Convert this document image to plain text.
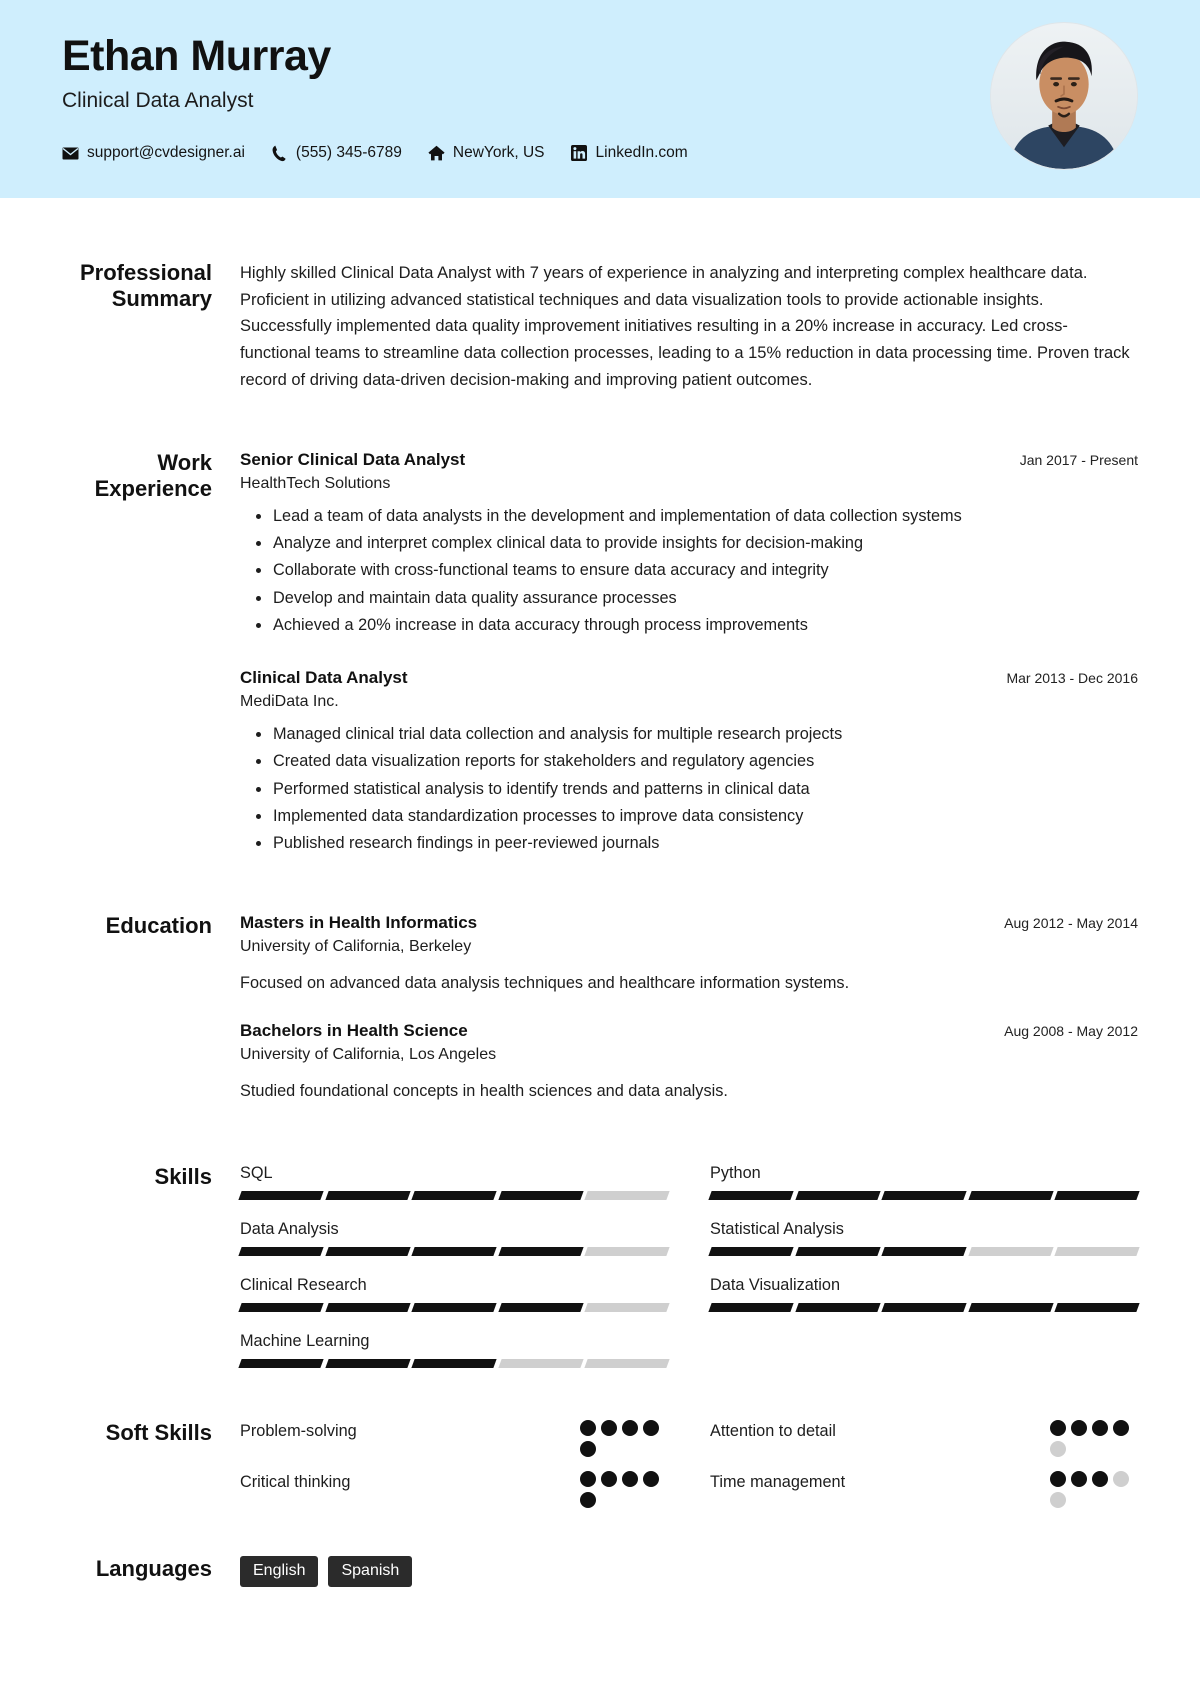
Ethan Murray
Clinical Data Analyst
support@cvdesigner.ai	(555) 345-6789	NewYork, US	LinkedIn.com
Professional Summary
Highly skilled Clinical Data Analyst with 7 years of experience in analyzing and interpreting complex healthcare data. Proficient in utilizing advanced statistical techniques and data visualization tools to provide actionable insights. Successfully implemented data quality improvement initiatives resulting in a 20% increase in accuracy. Led cross-functional teams to streamline data collection processes, leading to a 15% reduction in data processing time. Proven track record of driving data-driven decision-making and improving patient outcomes.
Work Experience
Senior Clinical Data Analyst	Jan 2017 - Present
HealthTech Solutions
Lead a team of data analysts in the development and implementation of data collection systems
Analyze and interpret complex clinical data to provide insights for decision-making
Collaborate with cross-functional teams to ensure data accuracy and integrity
Develop and maintain data quality assurance processes
Achieved a 20% increase in data accuracy through process improvements
Clinical Data Analyst	Mar 2013 - Dec 2016
MediData Inc.
Managed clinical trial data collection and analysis for multiple research projects
Created data visualization reports for stakeholders and regulatory agencies
Performed statistical analysis to identify trends and patterns in clinical data
Implemented data standardization processes to improve data consistency
Published research findings in peer-reviewed journals
Education	Masters in Health Informatics	Aug 2012 - May 2014
University of California, Berkeley
Focused on advanced data analysis techniques and healthcare information systems.
Bachelors in Health Science	Aug 2008 - May 2012
University of California, Los Angeles
Studied foundational concepts in health sciences and data analysis.
Skills	SQL	Python
Data Analysis	Statistical Analysis
Clinical Research	Data Visualization
Machine Learning
Soft Skills	Problem-solving	Attention to detail
Critical thinking	Time management
Languages	English	Spanish
